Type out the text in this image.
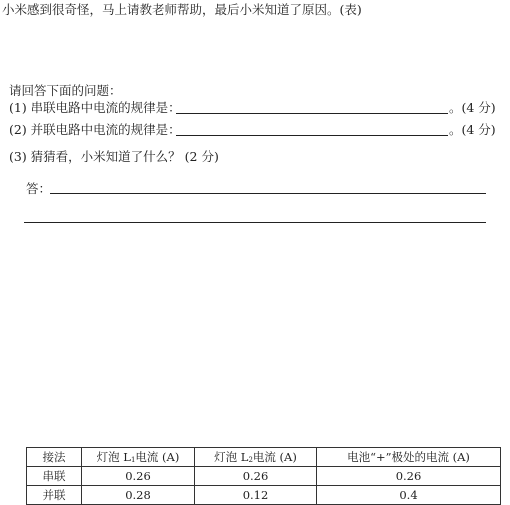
小米感到很奇怪，马上请教老师帮助，最后小米知道了原因。(表)
请回答下面的问题：
(1) 串联电路中电流的规律是：	。(4 分)
(2) 并联电路中电流的规律是：	。(4 分)
(3) 猜猜看，小米知道了什么？ (2 分)
答：
接法	灯泡 $L_1$电流 (A)	灯泡 $L_2$电流 (A)	电池“+”极处的电流 (A)
串联	0.26	0.26	0.26
并联	0.28	0.12	0.4
